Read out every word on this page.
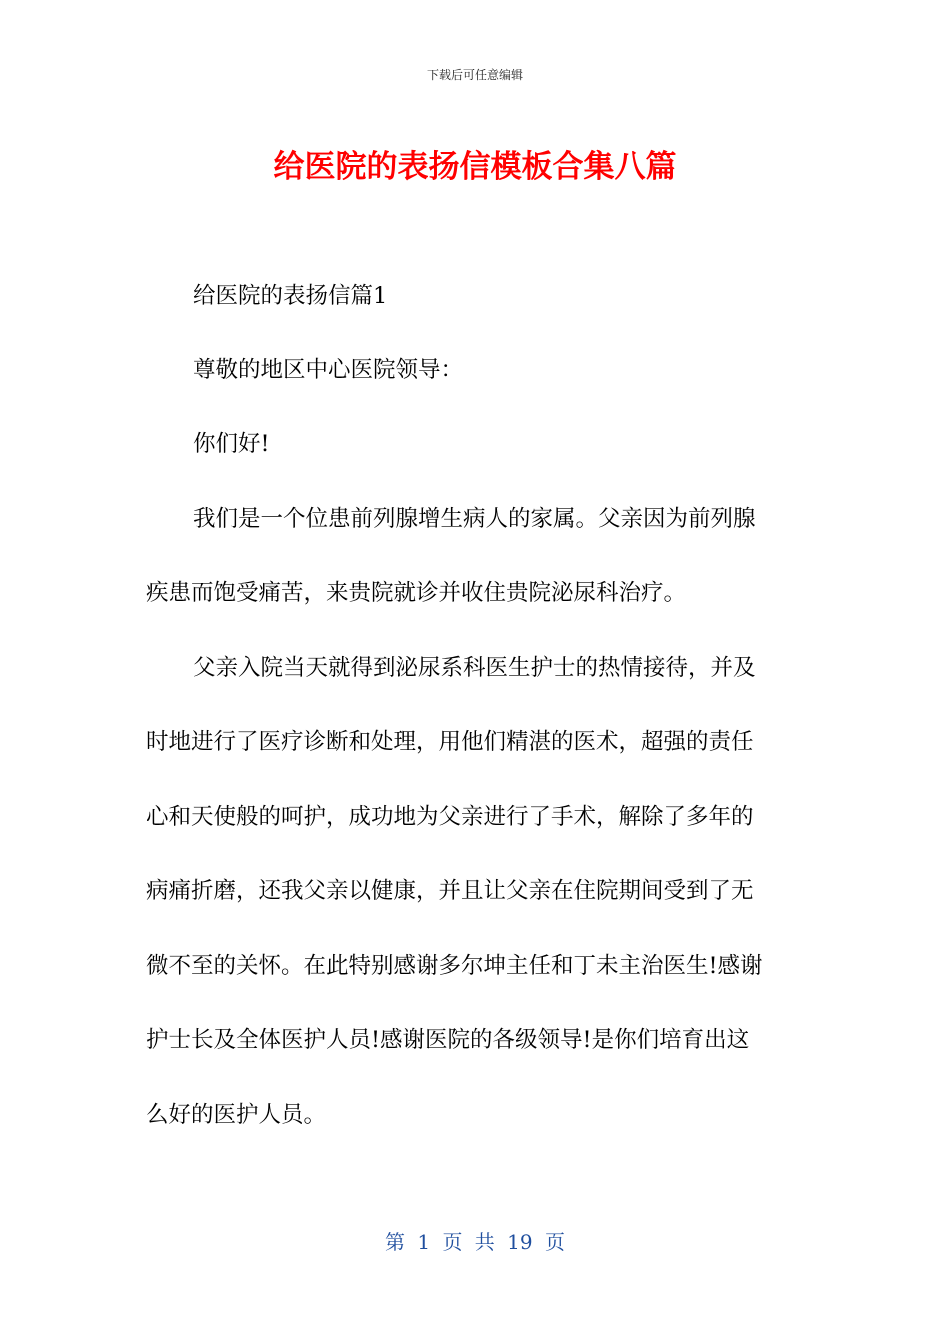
下载后可任意编辑
给医院的表扬信模板合集八篇
给医院的表扬信篇1
尊敬的地区中心医院领导：
你们好!
我们是一个位患前列腺增生病人的家属。父亲因为前列腺
疾患而饱受痛苦，来贵院就诊并收住贵院泌尿科治疗。
父亲入院当天就得到泌尿系科医生护士的热情接待，并及
时地进行了医疗诊断和处理，用他们精湛的医术，超强的责任
心和天使般的呵护，成功地为父亲进行了手术，解除了多年的
病痛折磨，还我父亲以健康，并且让父亲在住院期间受到了无
微不至的关怀。在此特别感谢多尔坤主任和丁未主治医生!感谢
护士长及全体医护人员!感谢医院的各级领导!是你们培育出这
么好的医护人员。
第 1 页 共 19 页
